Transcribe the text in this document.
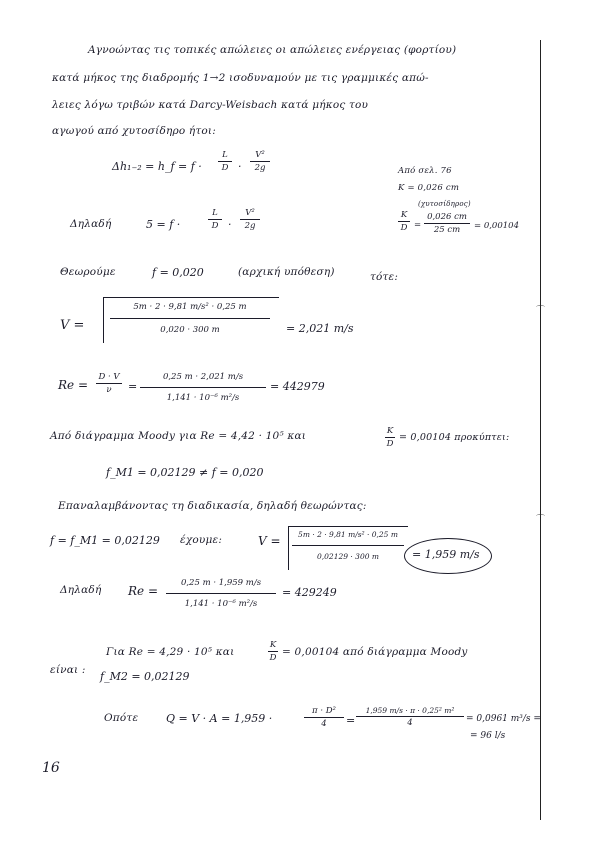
⌒
⌒
Αγνοώντας τις τοπικές απώλειες οι απώλειες ενέργειας (φορτίου)
κατά μήκος της διαδρομής 1→2 ισοδυναμούν με τις γραμμικές απώ-
λειες λόγω τριβών κατά Darcy-Weisbach κατά μήκος του
αγωγού από χυτοσίδηρο ήτοι:
Δh₁₋₂ = h_f = f ·
L
D ·
V²
2g	Από σελ. 76
K = 0,026 cm
(χυτοσίδηρος)
K
D =
0,026 cm
25 cm	= 0,00104
Δηλαδή	5 = f ·
L
D ·
V²
2g
Θεωρούμε	f = 0,020	(αρχική υπόθεση)	τότε:
V =
5m · 2 · 9,81 m/s² · 0,25 m
0,020 · 300 m	= 2,021 m/s
Re =
D · V
ν	=
0,25 m · 2,021 m/s
1,141 · 10⁻⁶ m²/s
= 442979
Από διάγραμμα Moody για Re = 4,42 · 10⁵ και	K
D
= 0,00104 προκύπτει:
f_M1 = 0,02129 ≠ f = 0,020
Επαναλαμβάνοντας τη διαδικασία, δηλαδή θεωρώντας:
f = f_M1 = 0,02129 έχουμε:	V =	5m · 2 · 9,81 m/s² · 0,25 m
0,02129 · 300 m	= 1,959 m/s
Δηλαδή Re =
0,25 m · 1,959 m/s
1,141 · 10⁻⁶ m²/s
= 429249
Για Re = 4,29 · 10⁵ και
K
D = 0,00104 από διάγραμμα Moody
είναι : f_M2 = 0,02129
Οπότε	Q = V · A = 1,959 ·
π · D²
4	=
1,959 m/s · π · 0,25² m²
4	= 0,0961 m³/s =
= 96 l/s
16
